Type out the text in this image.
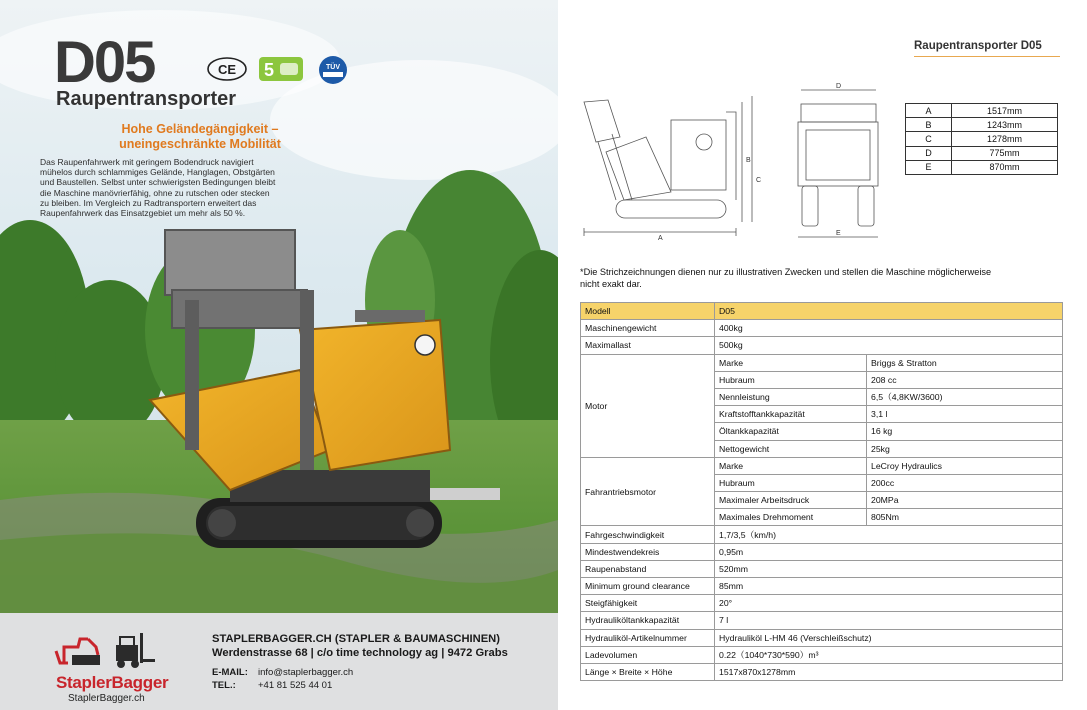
D05
Raupentransporter
CE 5	TÜV
Hohe Geländegängigkeit –
uneingeschränkte Mobilität
Das Raupenfahrwerk mit geringem Bodendruck navigiert mühelos durch schlammiges Gelände, Hanglagen, Obstgärten und Baustellen. Selbst unter schwierigsten Bedingungen bleibt die Maschine manövrierfähig, ohne zu rutschen oder stecken zu bleiben. Im Vergleich zu Radtransportern erweitert das Raupenfahrwerk das Einsatzgebiet um mehr als 50 %.
StaplerBagger
StaplerBagger.ch
STAPLERBAGGER.CH (STAPLER & BAUMASCHINEN)
Werdenstrasse 68 | c/o time technology ag | 9472 Grabs
E-MAIL: info@staplerbagger.ch
TEL.: +41 81 525 44 01
Raupentransporter D05
A
B
C
D
E
A	1517mm
B	1243mm
C	1278mm
D	775mm
E	870mm
*Die Strichzeichnungen dienen nur zu illustrativen Zwecken und stellen die Maschine möglicherweise nicht exakt dar.
Modell	D05	
Maschinengewicht	400kg	
Maximallast	500kg	
Motor	Marke	Briggs & Stratton
	Hubraum	208 cc
	Nennleistung	6,5（4,8KW/3600)
	Kraftstofftankkapazität	3,1 l
	Öltankkapazität	16 kg
	Nettogewicht	25kg
Fahrantriebsmotor	Marke	LeCroy Hydraulics
	Hubraum	200cc
	Maximaler Arbeitsdruck	20MPa
	Maximales Drehmoment	805Nm
Fahrgeschwindigkeit	1,7/3,5（km/h)	
Mindestwendekreis	0,95m	
Raupenabstand	520mm	
Minimum ground clearance	85mm	
Steigfähigkeit	20°	
Hydrauliköltankkapazität	7 l	
Hydrauliköl-Artikelnummer	Hydrauliköl L-HM 46 (Verschleißschutz)	
Ladevolumen	0.22（1040*730*590）m³	
Länge × Breite × Höhe	1517x870x1278mm	
